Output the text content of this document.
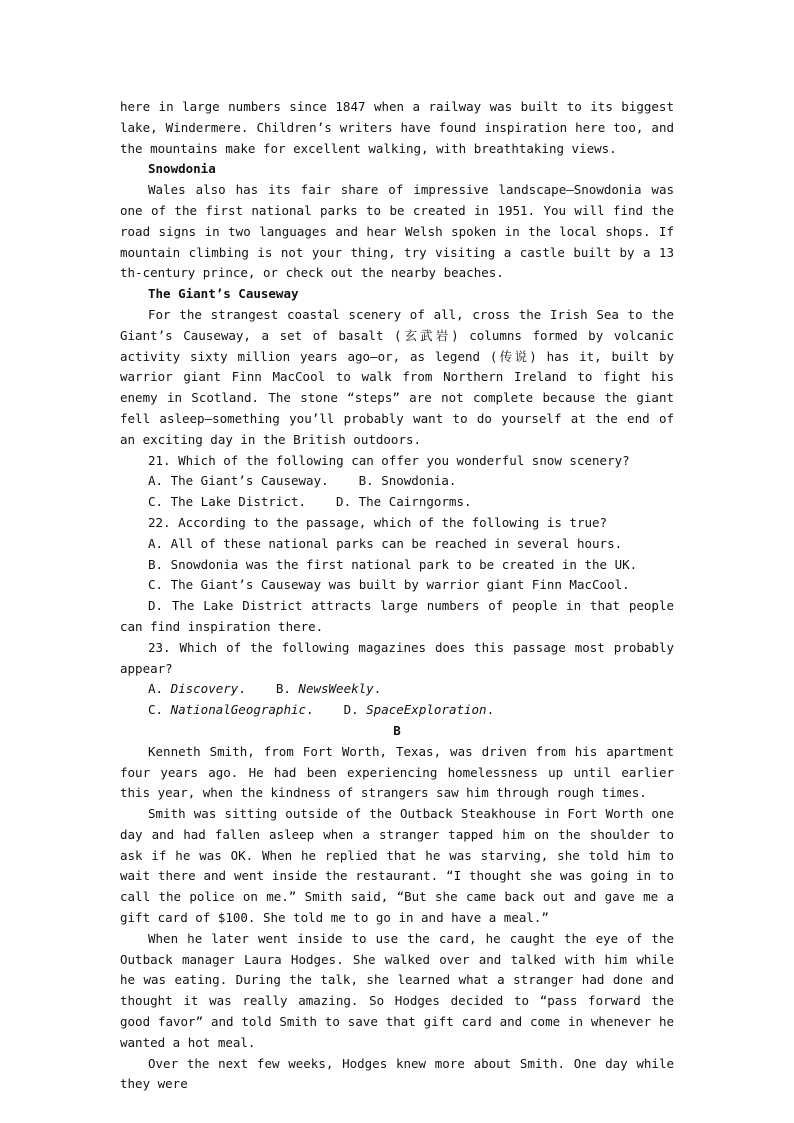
here in large numbers since 1847 when a railway was built to its biggest lake, Windermere. Children’s writers have found inspiration here too, and the mountains make for excellent walking, with breathtaking views.

Snowdonia

Wales also has its fair share of impressive landscape—Snowdonia was one of the first national parks to be created in 1951. You will find the road signs in two languages and hear Welsh spoken in the local shops. If mountain climbing is not your thing, try visiting a castle built by a 13 th-century prince, or check out the nearby beaches.

The Giant’s Causeway

For the strangest coastal scenery of all, cross the Irish Sea to the Giant’s Causeway, a set of basalt (玄武岩) columns formed by volcanic activity sixty million years ago—or, as legend (传说) has it, built by warrior giant Finn MacCool to walk from Northern Ireland to fight his enemy in Scotland. The stone “steps” are not complete because the giant fell asleep—something you’ll probably want to do yourself at the end of an exciting day in the British outdoors.

21. Which of the following can offer you wonderful snow scenery?

A. The Giant’s Causeway. B. Snowdonia.
C. The Lake District. D. The Cairngorms.

22. According to the passage, which of the following is true?

A. All of these national parks can be reached in several hours.

B. Snowdonia was the first national park to be created in the UK.

C. The Giant’s Causeway was built by warrior giant Finn MacCool.

D. The Lake District attracts large numbers of people in that people can find inspiration there.

23. Which of the following magazines does this passage most probably appear?

A. Discovery. B. NewsWeekly.
C. NationalGeographic. D. SpaceExploration.

B

Kenneth Smith, from Fort Worth, Texas, was driven from his apartment four years ago. He had been experiencing homelessness up until earlier this year, when the kindness of strangers saw him through rough times.

Smith was sitting outside of the Outback Steakhouse in Fort Worth one day and had fallen asleep when a stranger tapped him on the shoulder to ask if he was OK. When he replied that he was starving, she told him to wait there and went inside the restaurant. “I thought she was going in to call the police on me.” Smith said, “But she came back out and gave me a gift card of $100. She told me to go in and have a meal.”

When he later went inside to use the card, he caught the eye of the Outback manager Laura Hodges. She walked over and talked with him while he was eating. During the talk, she learned what a stranger had done and thought it was really amazing. So Hodges decided to “pass forward the good favor” and told Smith to save that gift card and come in whenever he wanted a hot meal.

Over the next few weeks, Hodges knew more about Smith. One day while they were
